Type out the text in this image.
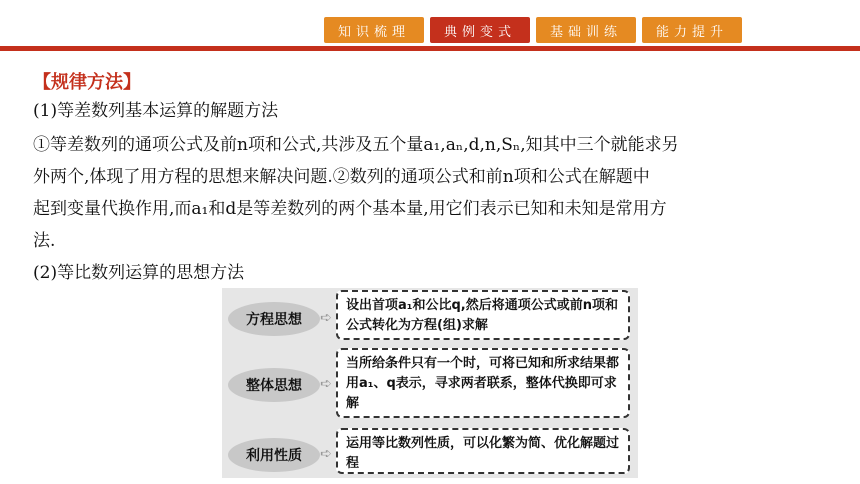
知识梳理	典例变式	基础训练	能力提升
【规律方法】
(1)等差数列基本运算的解题方法
①等差数列的通项公式及前n项和公式,共涉及五个量a₁,aₙ,d,n,Sₙ,知其中三个就能求另
外两个,体现了用方程的思想来解决问题.②数列的通项公式和前n项和公式在解题中
起到变量代换作用,而a₁和d是等差数列的两个基本量,用它们表示已知和未知是常用方
法.
(2)等比数列运算的思想方法
方程思想	➪
设出首项a₁和公比q,然后将通项公式或前n项和公式转化为方程(组)求解
整体思想	➪
当所给条件只有一个时，可将已知和所求结果都用a₁、q表示，寻求两者联系，整体代换即可求解
利用性质	➪
运用等比数列性质，可以化繁为简、优化解题过程
